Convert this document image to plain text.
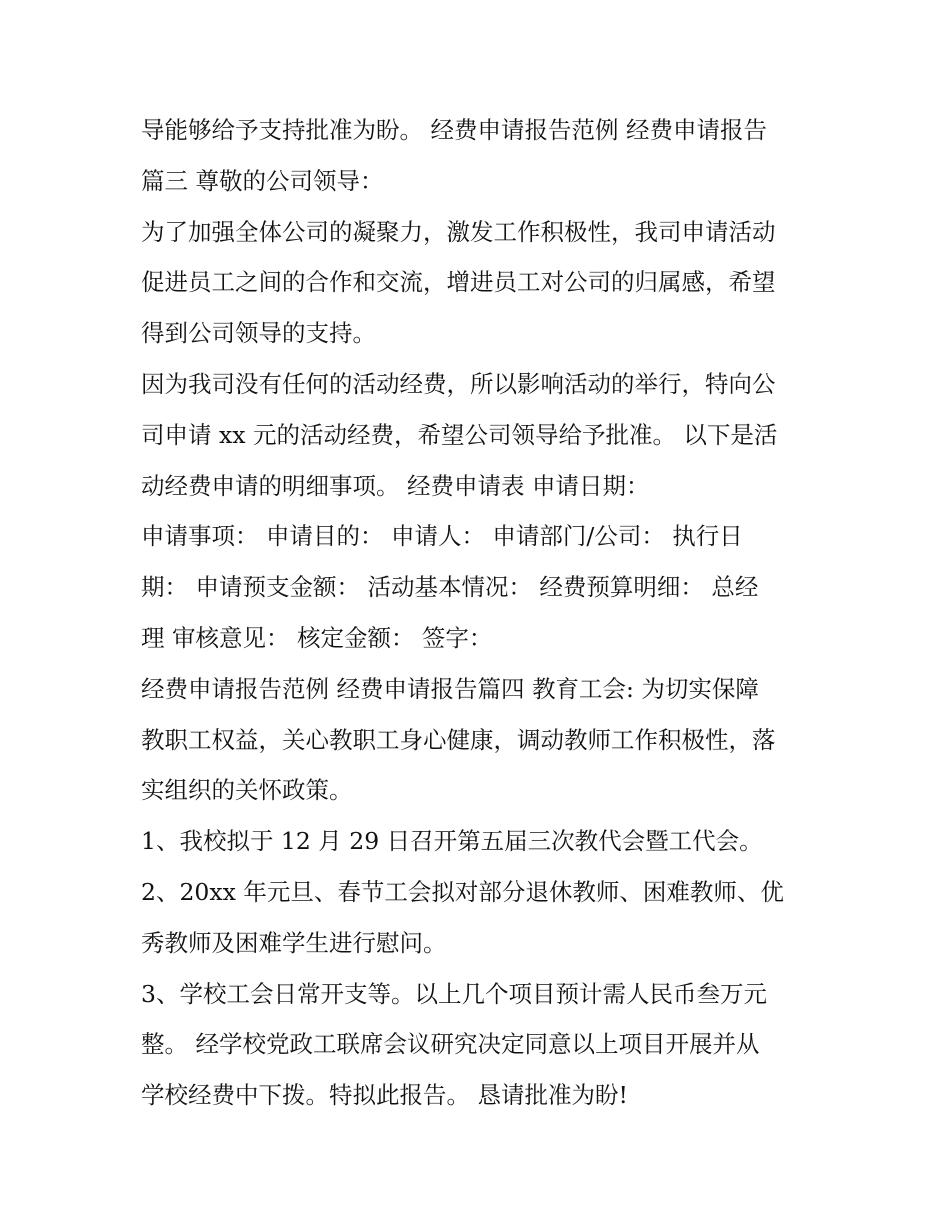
导能够给予支持批准为盼。 经费申请报告范例 经费申请报告

篇三 尊敬的公司领导：

为了加强全体公司的凝聚力，激发工作积极性，我司申请活动

促进员工之间的合作和交流，增进员工对公司的归属感，希望

得到公司领导的支持。

因为我司没有任何的活动经费，所以影响活动的举行，特向公

司申请 xx 元的活动经费，希望公司领导给予批准。 以下是活

动经费申请的明细事项。 经费申请表 申请日期：

申请事项： 申请目的： 申请人： 申请部门/公司： 执行日

期： 申请预支金额： 活动基本情况： 经费预算明细： 总经

理 审核意见： 核定金额： 签字：

经费申请报告范例 经费申请报告篇四 教育工会: 为切实保障

教职工权益，关心教职工身心健康，调动教师工作积极性，落

实组织的关怀政策。

1、我校拟于 12 月 29 日召开第五届三次教代会暨工代会。

2、20xx 年元旦、春节工会拟对部分退休教师、困难教师、优

秀教师及困难学生进行慰问。

3、学校工会日常开支等。以上几个项目预计需人民币叁万元

整。 经学校党政工联席会议研究决定同意以上项目开展并从

学校经费中下拨。特拟此报告。 恳请批准为盼!
